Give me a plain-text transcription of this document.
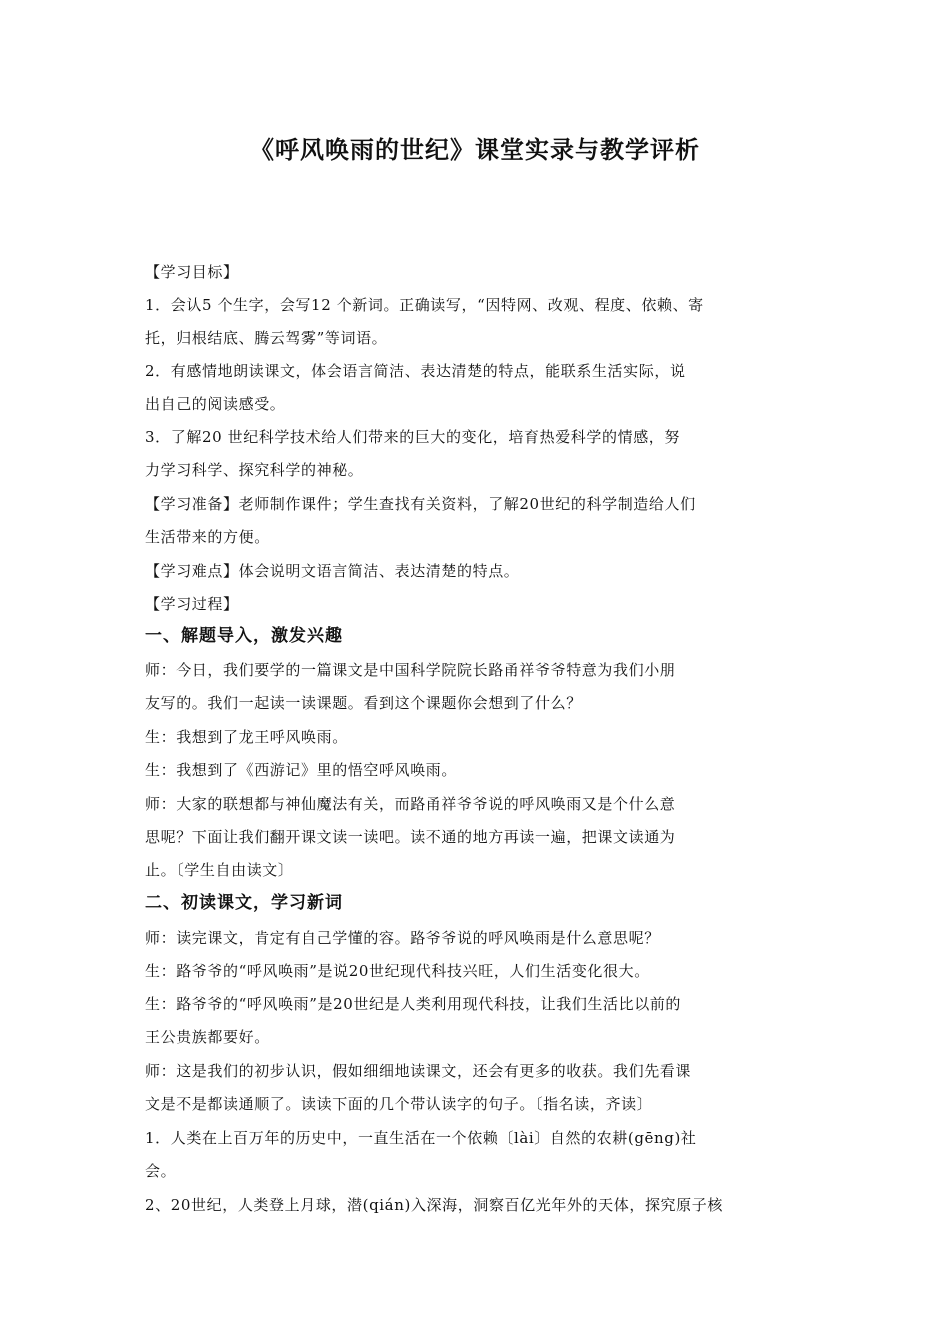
《呼风唤雨的世纪》课堂实录与教学评析
【学习目标】
1．会认5 个生字，会写12 个新词。正确读写，“因特网、改观、程度、依赖、寄
托，归根结底、腾云驾雾”等词语。
2．有感情地朗读课文，体会语言简洁、表达清楚的特点，能联系生活实际，说
出自己的阅读感受。
3．了解20 世纪科学技术给人们带来的巨大的变化，培育热爱科学的情感，努
力学习科学、探究科学的神秘。
【学习准备】老师制作课件；学生查找有关资料，了解20世纪的科学制造给人们
生活带来的方便。
【学习难点】体会说明文语言简洁、表达清楚的特点。
【学习过程】
一、解题导入，激发兴趣
师：今日，我们要学的一篇课文是中国科学院院长路甬祥爷爷特意为我们小朋
友写的。我们一起读一读课题。看到这个课题你会想到了什么？
生：我想到了龙王呼风唤雨。
生：我想到了《西游记》里的悟空呼风唤雨。
师：大家的联想都与神仙魔法有关，而路甬祥爷爷说的呼风唤雨又是个什么意
思呢？下面让我们翻开课文读一读吧。读不通的地方再读一遍，把课文读通为
止。〔学生自由读文〕
二、初读课文，学习新词
师：读完课文，肯定有自己学懂的容。路爷爷说的呼风唤雨是什么意思呢？
生：路爷爷的“呼风唤雨”是说20世纪现代科技兴旺，人们生活变化很大。
生：路爷爷的“呼风唤雨”是20世纪是人类利用现代科技，让我们生活比以前的
王公贵族都要好。
师：这是我们的初步认识，假如细细地读课文，还会有更多的收获。我们先看课
文是不是都读通顺了。读读下面的几个带认读字的句子。〔指名读，齐读〕
1．人类在上百万年的历史中，一直生活在一个依赖〔lài〕自然的农耕(gēng)社
会。
2、20世纪，人类登上月球，潜(qián)入深海，洞察百亿光年外的天体，探究原子核
